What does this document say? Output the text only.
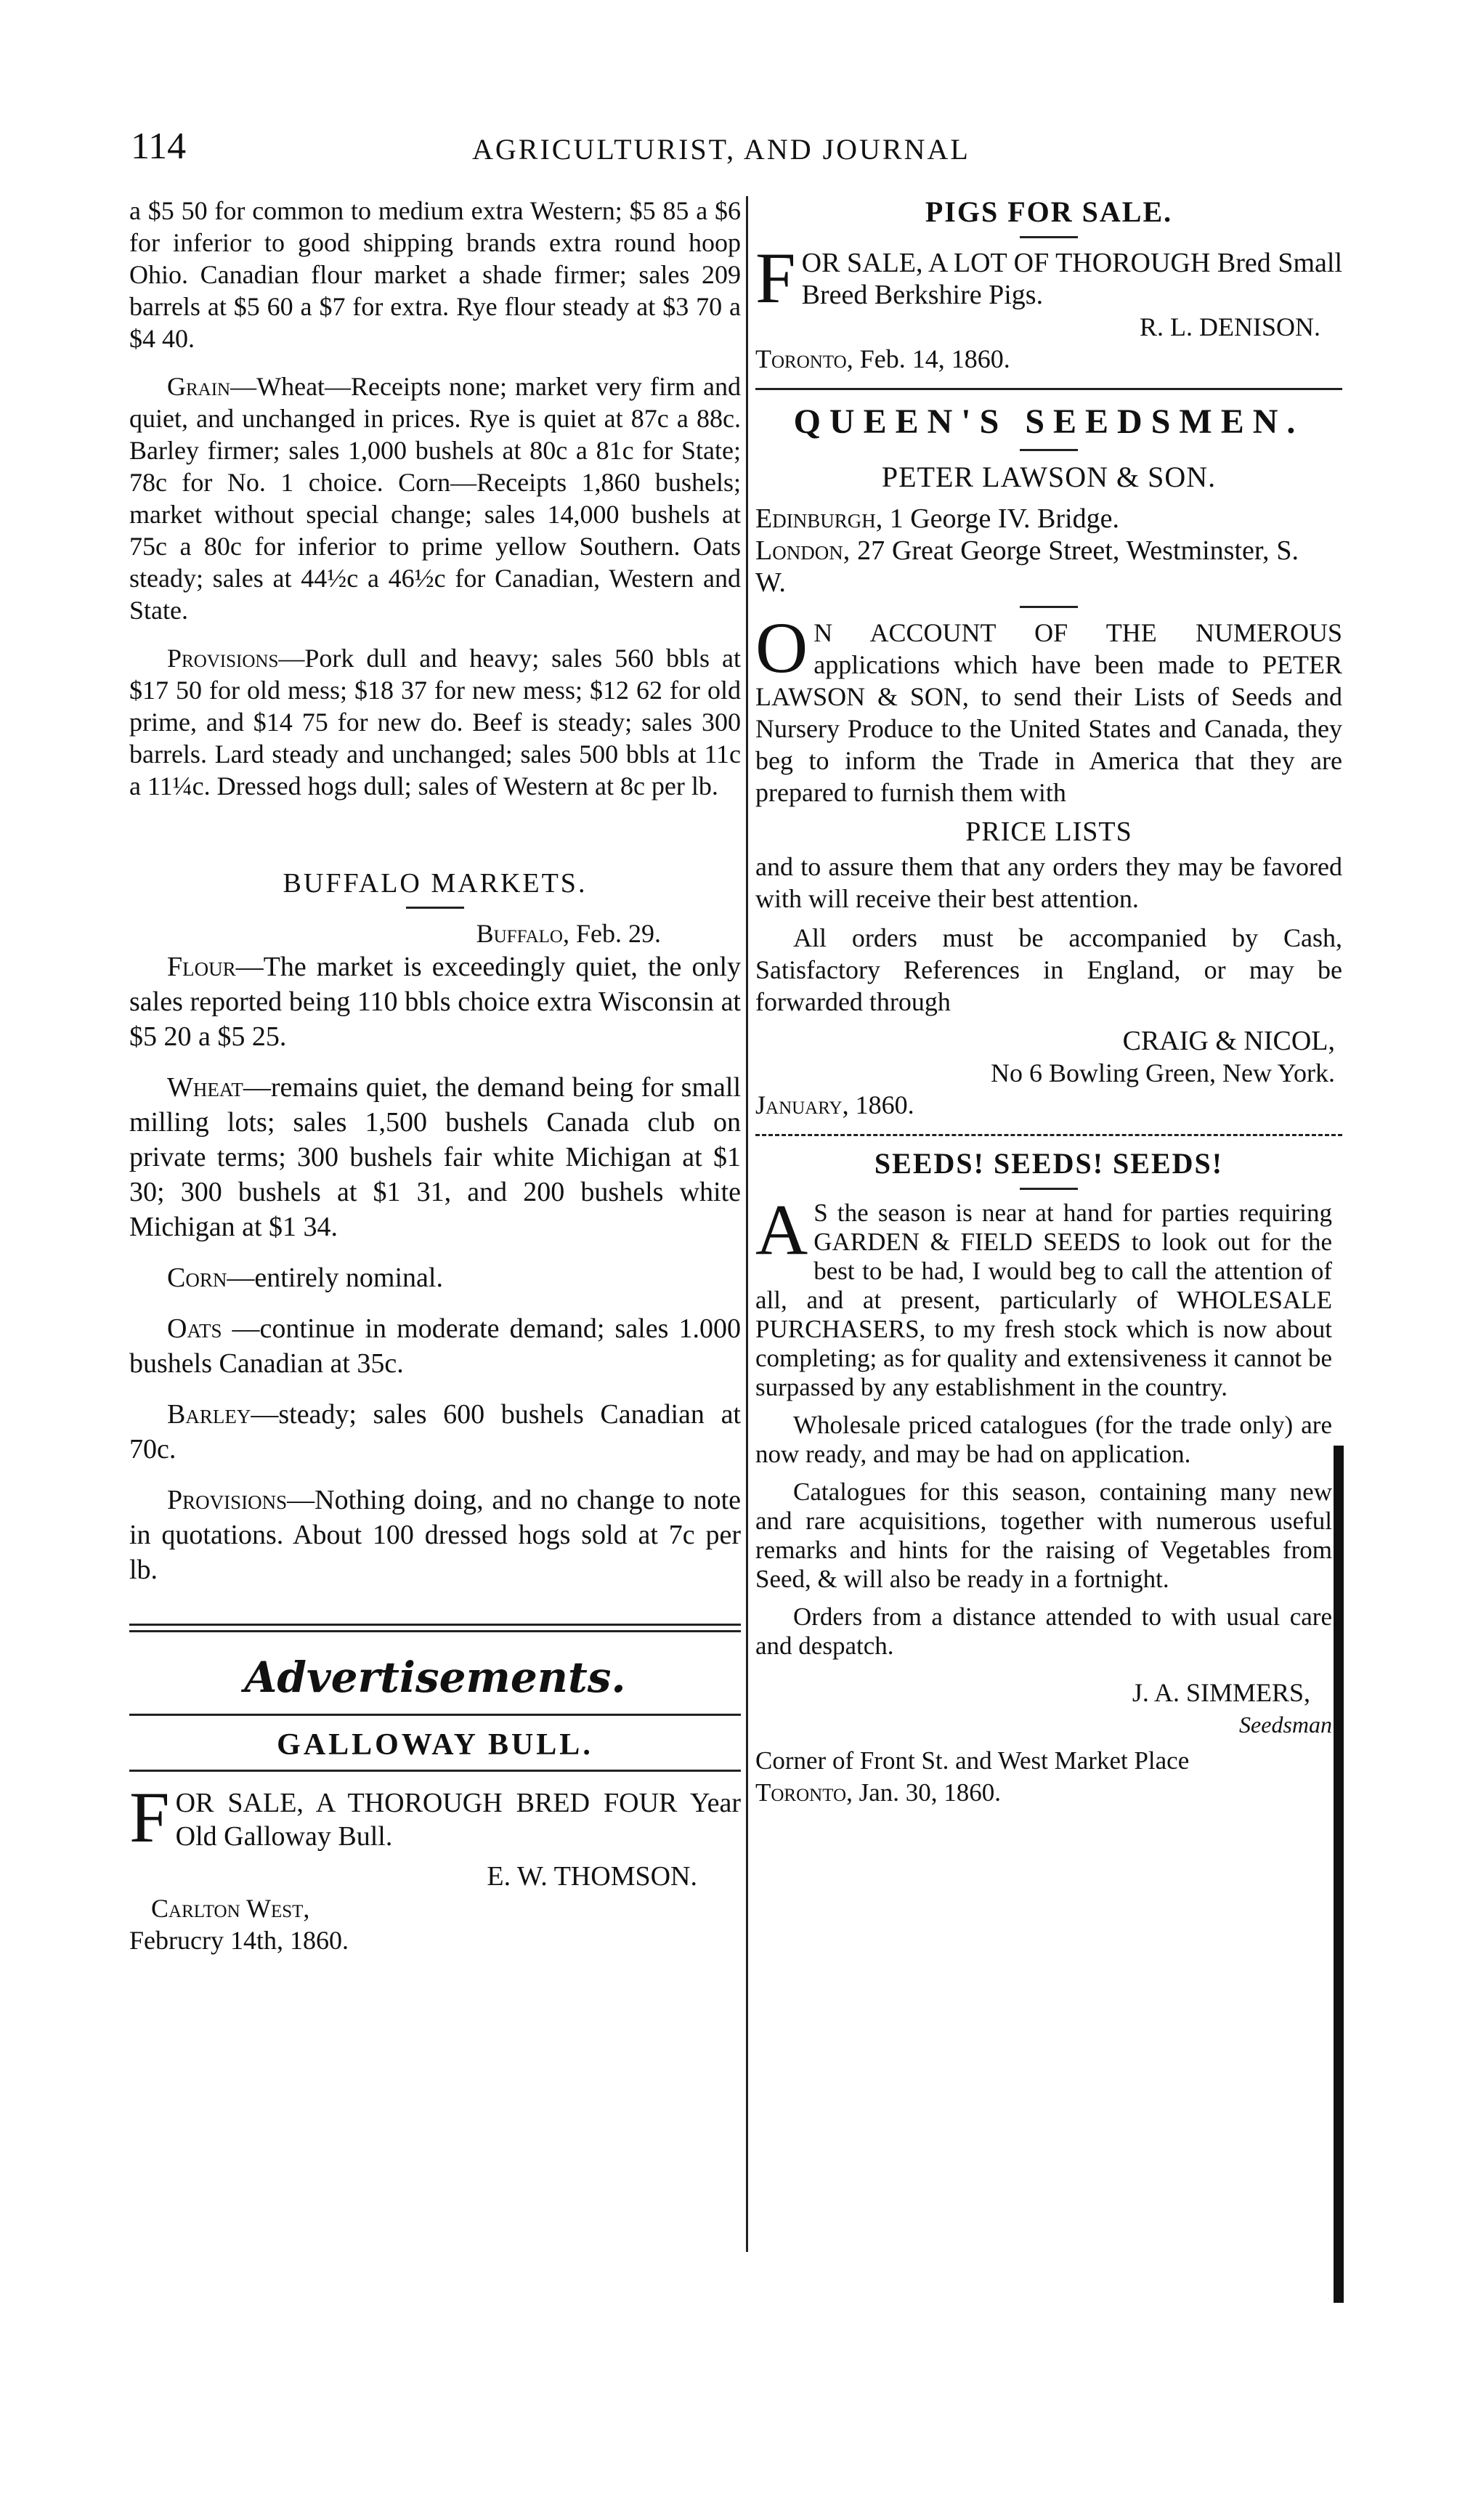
114	AGRICULTURIST, AND JOURNAL

a $5 50 for common to medium extra Western; $5 85 a $6 for inferior to good shipping brands extra round hoop Ohio. Canadian flour market a shade firmer; sales 209 barrels at $5 60 a $7 for extra. Rye flour steady at $3 70 a $4 40.

Grain—Wheat—Receipts none; market very firm and quiet, and unchanged in prices. Rye is quiet at 87c a 88c. Barley firmer; sales 1,000 bushels at 80c a 81c for State; 78c for No. 1 choice. Corn—Receipts 1,860 bushels; market without special change; sales 14,000 bushels at 75c a 80c for inferior to prime yellow Southern. Oats steady; sales at 44½c a 46½c for Canadian, Western and State.

Provisions—Pork dull and heavy; sales 560 bbls at $17 50 for old mess; $18 37 for new mess; $12 62 for old prime, and $14 75 for new do. Beef is steady; sales 300 barrels. Lard steady and unchanged; sales 500 bbls at 11c a 11¼c. Dressed hogs dull; sales of Western at 8c per lb.

BUFFALO MARKETS.

Buffalo, Feb. 29.

Flour—The market is exceedingly quiet, the only sales reported being 110 bbls choice extra Wisconsin at $5 20 a $5 25.

Wheat—remains quiet, the demand being for small milling lots; sales 1,500 bushels Canada club on private terms; 300 bushels fair white Michigan at $1 30; 300 bushels at $1 31, and 200 bushels white Michigan at $1 34.

Corn—entirely nominal.

Oats —continue in moderate demand; sales 1.000 bushels Canadian at 35c.

Barley—steady; sales 600 bushels Canadian at 70c.

Provisions—Nothing doing, and no change to note in quotations. About 100 dressed hogs sold at 7c per lb.

Advertisements.
GALLOWAY BULL.
F OR SALE, A THOROUGH BRED FOUR Year Old Galloway Bull.

E. W. THOMSON.

Carlton West,

Februcry 14th, 1860.

PIGS FOR SALE.
F OR SALE, A LOT OF THOROUGH Bred Small Breed Berkshire Pigs.

R. L. DENISON.

Toronto, Feb. 14, 1860.

QUEEN'S SEEDSMEN.
PETER LAWSON & SON.

Edinburgh, 1 George IV. Bridge.

London, 27 Great George Street, Westminster, S. W.

O N ACCOUNT OF THE NUMEROUS applications which have been made to PETER LAWSON & SON, to send their Lists of Seeds and Nursery Produce to the United States and Canada, they beg to inform the Trade in America that they are prepared to furnish them with

PRICE LISTS

and to assure them that any orders they may be favored with will receive their best attention.

All orders must be accompanied by Cash, Satisfactory References in England, or may be forwarded through

CRAIG & NICOL,

No 6 Bowling Green, New York.

January, 1860.

SEEDS! SEEDS! SEEDS!
A S the season is near at hand for parties requiring GARDEN & FIELD SEEDS to look out for the best to be had, I would beg to call the attention of all, and at present, particularly of WHOLESALE PURCHASERS, to my fresh stock which is now about completing; as for quality and extensiveness it cannot be surpassed by any establishment in the country.

Wholesale priced catalogues (for the trade only) are now ready, and may be had on application.

Catalogues for this season, containing many new and rare acquisitions, together with numerous useful remarks and hints for the raising of Vegetables from Seed, & will also be ready in a fortnight.

Orders from a distance attended to with usual care and despatch.

J. A. SIMMERS,

Seedsman

Corner of Front St. and West Market Place

Toronto, Jan. 30, 1860.
